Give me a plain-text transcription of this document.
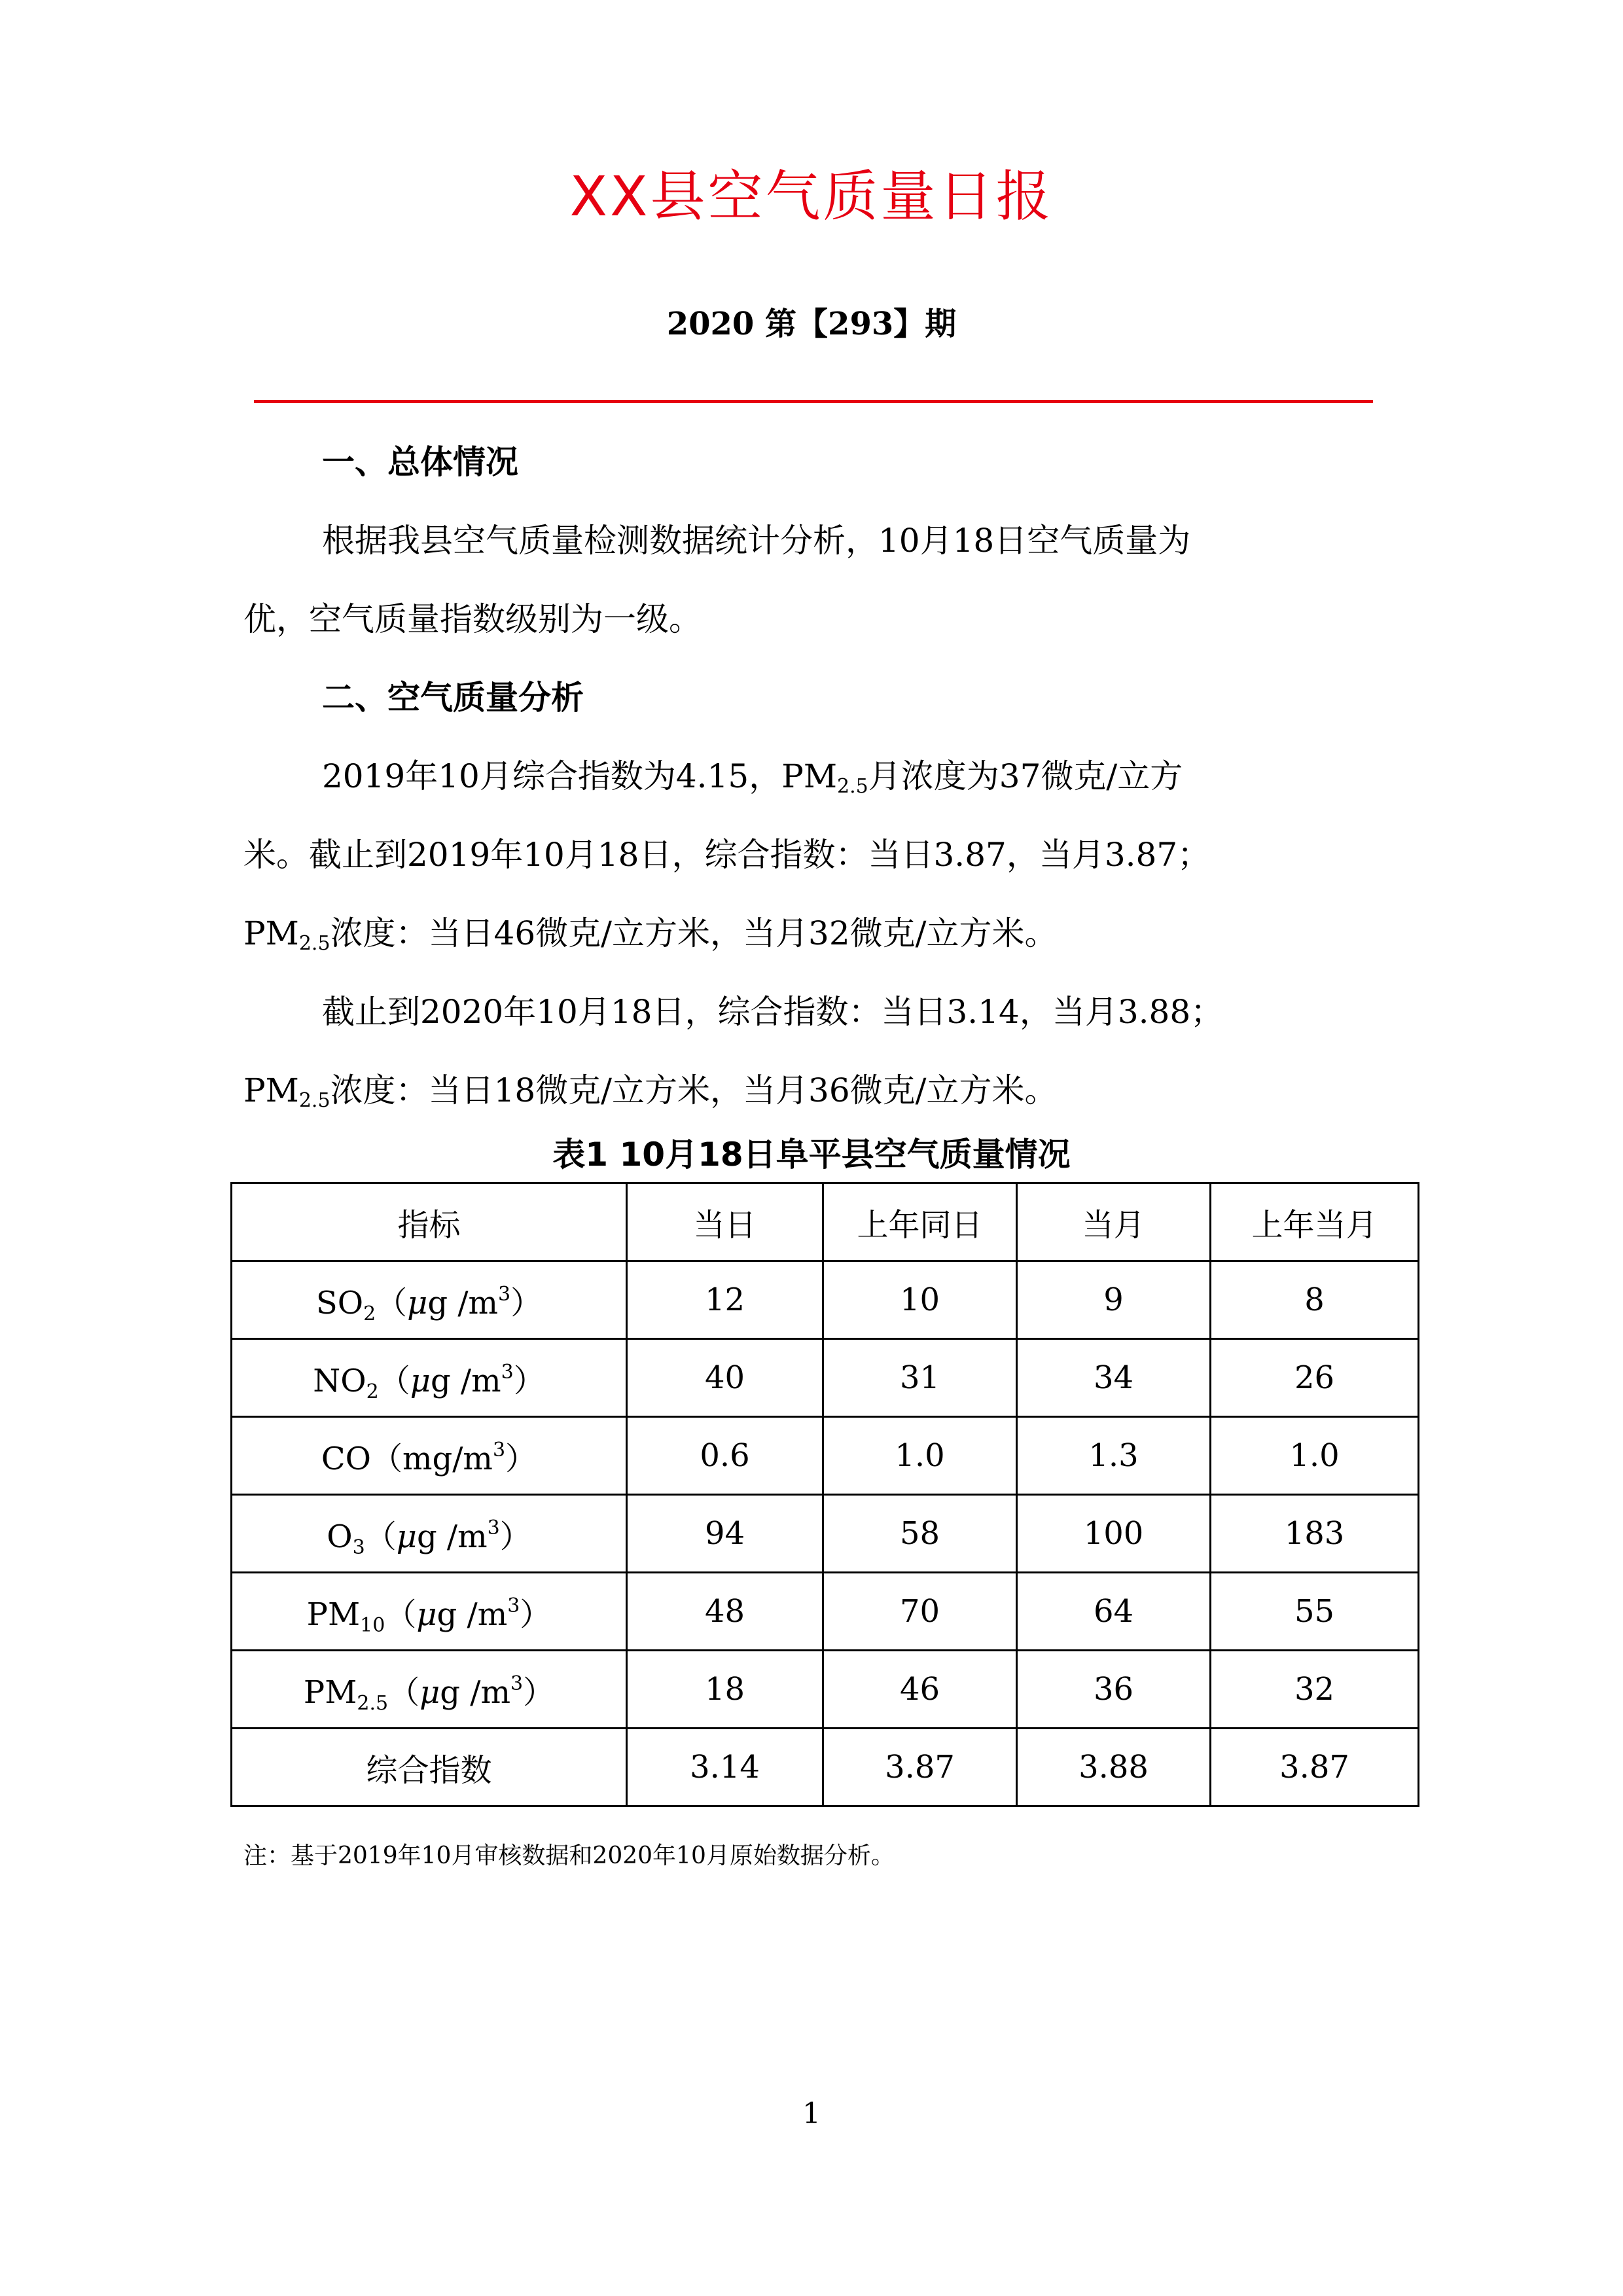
XX县空气质量日报
2020 第【293】期
一、总体情况
根据我县空气质量检测数据统计分析，10月18日空气质量为
优，空气质量指数级别为一级。
二、空气质量分析
2019年10月综合指数为4.15，$PM_{2.5}$月浓度为37微克/立方
米。截止到2019年10月18日，综合指数：当日3.87，当月3.87；
$PM_{2.5}$浓度：当日46微克/立方米，当月32微克/立方米。
截止到2020年10月18日，综合指数：当日3.14，当月3.88；
$PM_{2.5}$浓度：当日18微克/立方米，当月36微克/立方米。
表1 10月18日阜平县空气质量情况
指标	当日	上年同日	当月	上年当月
$SO_2(\mu g$ $/m^3$）	12	10	9	8
$NO_2(\mu g$ $/m^3$）	40	31	34	26
$CO(mg/m^3)$	0.6	1.0	1.3	1.0
$O_3(\mu g$ $/m^3$）	94	58	100	183
$PM_{10}(\mu g$ $/m^3$）	48	70	64	55
$PM_{2.5}(\mu g$ $/m^3$）	18	46	36	32
综合指数	3.14	3.87	3.88	3.87
注：基于2019年10月审核数据和2020年10月原始数据分析。
1
